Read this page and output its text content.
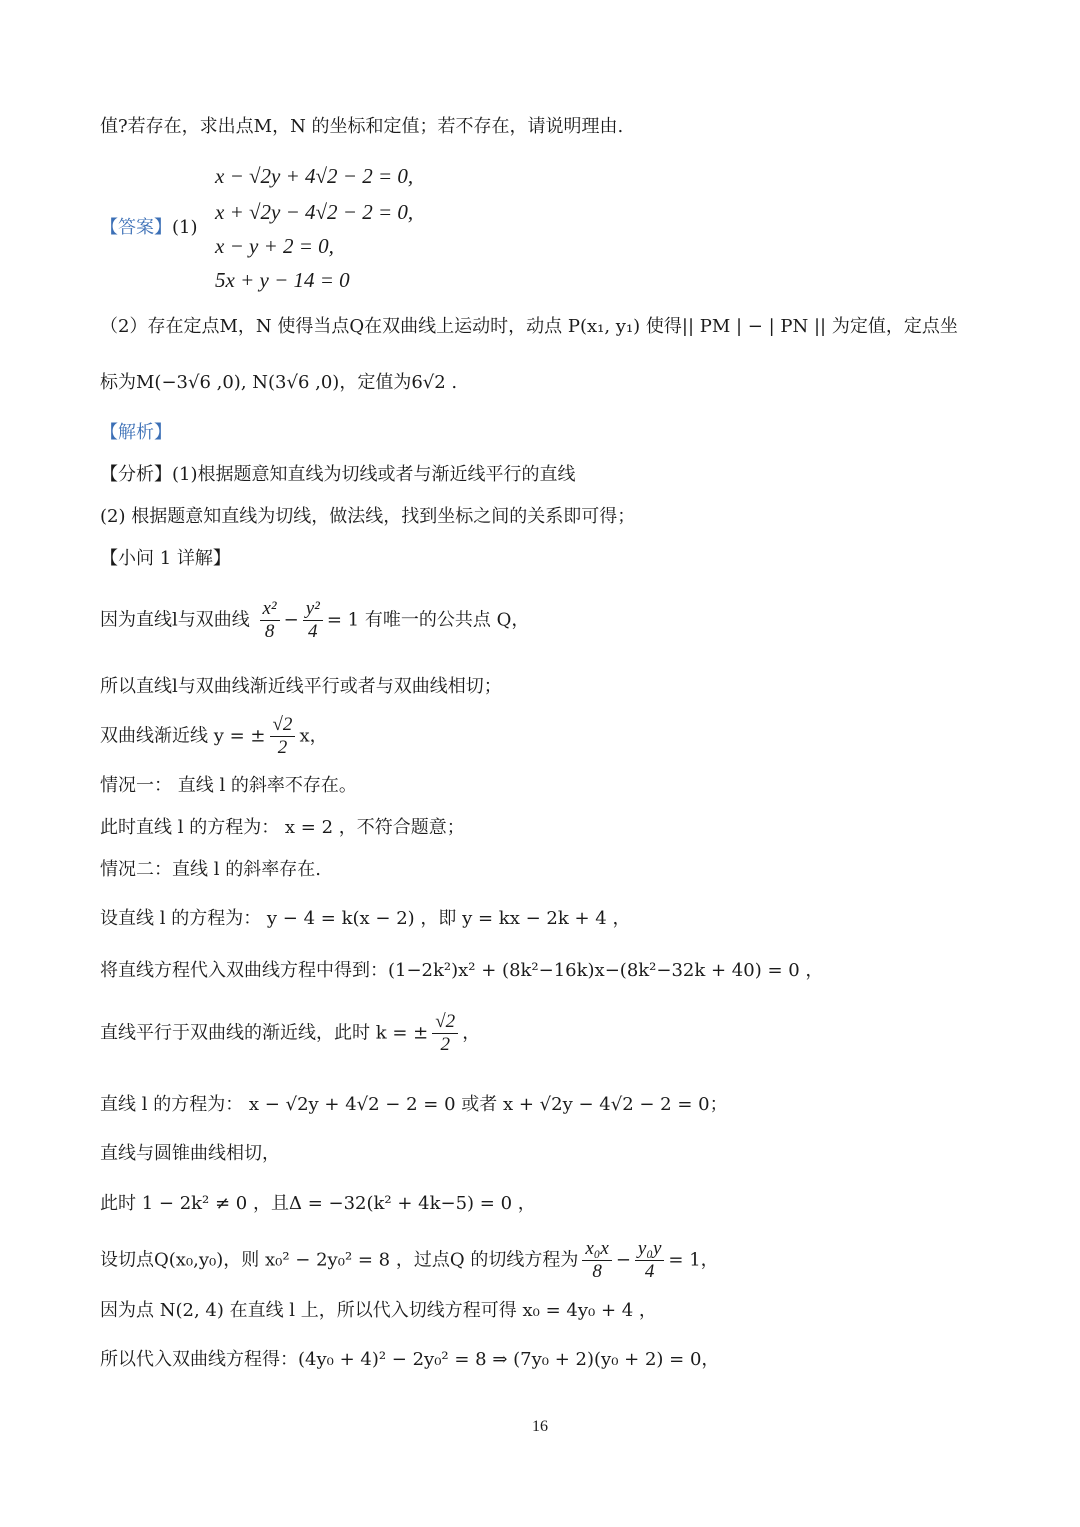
值?若存在，求出点M，N 的坐标和定值；若不存在，请说明理由.
【答案】(1)
x − √2y + 4√2 − 2 = 0,
x + √2y − 4√2 − 2 = 0,
x − y + 2 = 0,
5x + y − 14 = 0
（2）存在定点M，N 使得当点Q在双曲线上运动时，动点 P(x₁, y₁) 使得|| PM | − | PN || 为定值，定点坐
标为M(−3√6 ,0), N(3√6 ,0)，定值为6√2 .
【解析】
【分析】(1)根据题意知直线为切线或者与渐近线平行的直线
(2) 根据题意知直线为切线，做法线，找到坐标之间的关系即可得；
【小问 1 详解】
因为直线l与双曲线 $\frac{\text{x²}}{8} - \frac{\text{y²}}{4} = 1$ 有唯一的公共点 Q，
所以直线l与双曲线渐近线平行或者与双曲线相切；
双曲线渐近线 y = ± $\frac{√2}{2}$ x，
情况一： 直线 l 的斜率不存在。
此时直线 l 的方程为： x = 2 ，不符合题意；
情况二：直线 l 的斜率存在.
设直线 l 的方程为： y − 4 = k(x − 2) ，即 y = kx − 2k + 4 ，
将直线方程代入双曲线方程中得到：(1−2k²)x² + (8k²−16k)x−(8k²−32k + 40) = 0 ，
直线平行于双曲线的渐近线，此时 k = ± $\frac{√2}{2}$ ，
直线 l 的方程为： x − √2y + 4√2 − 2 = 0 或者 x + √2y − 4√2 − 2 = 0；
直线与圆锥曲线相切，
此时 1 − 2k² ≠ 0 ，且Δ = −32(k² + 4k−5) = 0 ，
设切点Q(x₀,y₀)，则 x₀² − 2y₀² = 8 ，过点Q 的切线方程为 $\frac{\text{x₀x}}{8} - \frac{\text{y₀y}}{4} = 1$，
因为点 N(2, 4) 在直线 l 上，所以代入切线方程可得 x₀ = 4y₀ + 4 ，
所以代入双曲线方程得：(4y₀ + 4)² − 2y₀² = 8 ⇒ (7y₀ + 2)(y₀ + 2) = 0，
16
